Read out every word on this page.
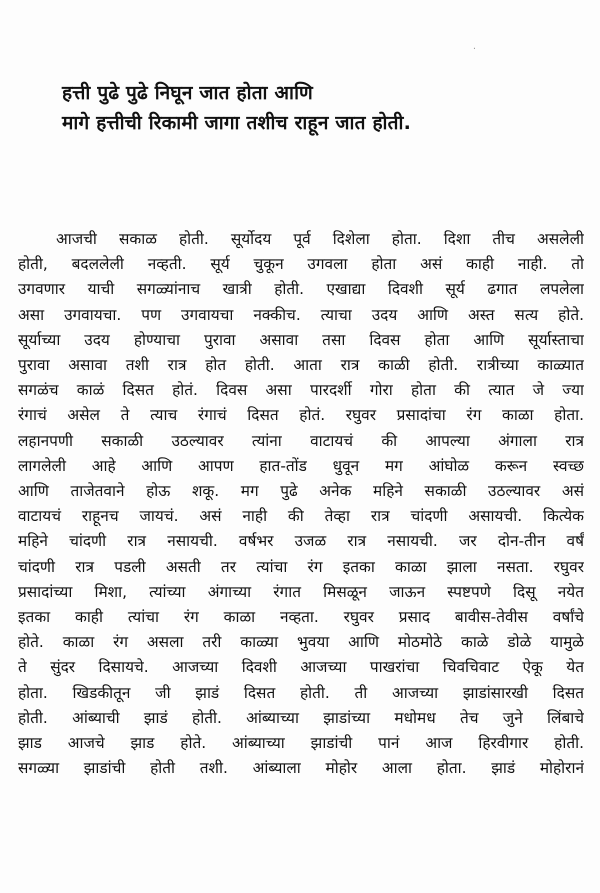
·
हत्ती पुढे पुढे निघून जात होता आणि
मागे हत्तीची रिकामी जागा तशीच राहून जात होती.
आजची सकाळ होती. सूर्योदय पूर्व दिशेला होता. दिशा तीच असलेली
होती, बदललेली नव्हती. सूर्य चुकून उगवला होता असं काही नाही. तो
उगवणार याची सगळ्यांनाच खात्री होती. एखाद्या दिवशी सूर्य ढगात लपलेला
असा उगवायचा. पण उगवायचा नक्कीच. त्याचा उदय आणि अस्त सत्य होते.
सूर्याच्या उदय होण्याचा पुरावा असावा तसा दिवस होता आणि सूर्यास्ताचा
पुरावा असावा तशी रात्र होत होती. आता रात्र काळी होती. रात्रीच्या काळ्यात
सगळंच काळं दिसत होतं. दिवस असा पारदर्शी गोरा होता की त्यात जे ज्या
रंगाचं असेल ते त्याच रंगाचं दिसत होतं. रघुवर प्रसादांचा रंग काळा होता.
लहानपणी सकाळी उठल्यावर त्यांना वाटायचं की आपल्या अंगाला रात्र
लागलेली आहे आणि आपण हात-तोंड धुवून मग आंघोळ करून स्वच्छ
आणि ताजेतवाने होऊ शकू. मग पुढे अनेक महिने सकाळी उठल्यावर असं
वाटायचं राहूनच जायचं. असं नाही की तेव्हा रात्र चांदणी असायची. कित्येक
महिने चांदणी रात्र नसायची. वर्षभर उजळ रात्र नसायची. जर दोन-तीन वर्षं
चांदणी रात्र पडली असती तर त्यांचा रंग इतका काळा झाला नसता. रघुवर
प्रसादांच्या मिशा, त्यांच्या अंगाच्या रंगात मिसळून जाऊन स्पष्टपणे दिसू नयेत
इतका काही त्यांचा रंग काळा नव्हता. रघुवर प्रसाद बावीस-तेवीस वर्षांचे
होते. काळा रंग असला तरी काळ्या भुवया आणि मोठमोठे काळे डोळे यामुळे
ते सुंदर दिसायचे. आजच्या दिवशी आजच्या पाखरांचा चिवचिवाट ऐकू येत
होता. खिडकीतून जी झाडं दिसत होती. ती आजच्या झाडांसारखी दिसत
होती. आंब्याची झाडं होती. आंब्याच्या झाडांच्या मधोमध तेच जुने लिंबाचे
झाड आजचे झाड होते. आंब्याच्या झाडांची पानं आज हिरवीगार होती.
सगळ्या झाडांची होती तशी. आंब्याला मोहोर आला होता. झाडं मोहोरानं
